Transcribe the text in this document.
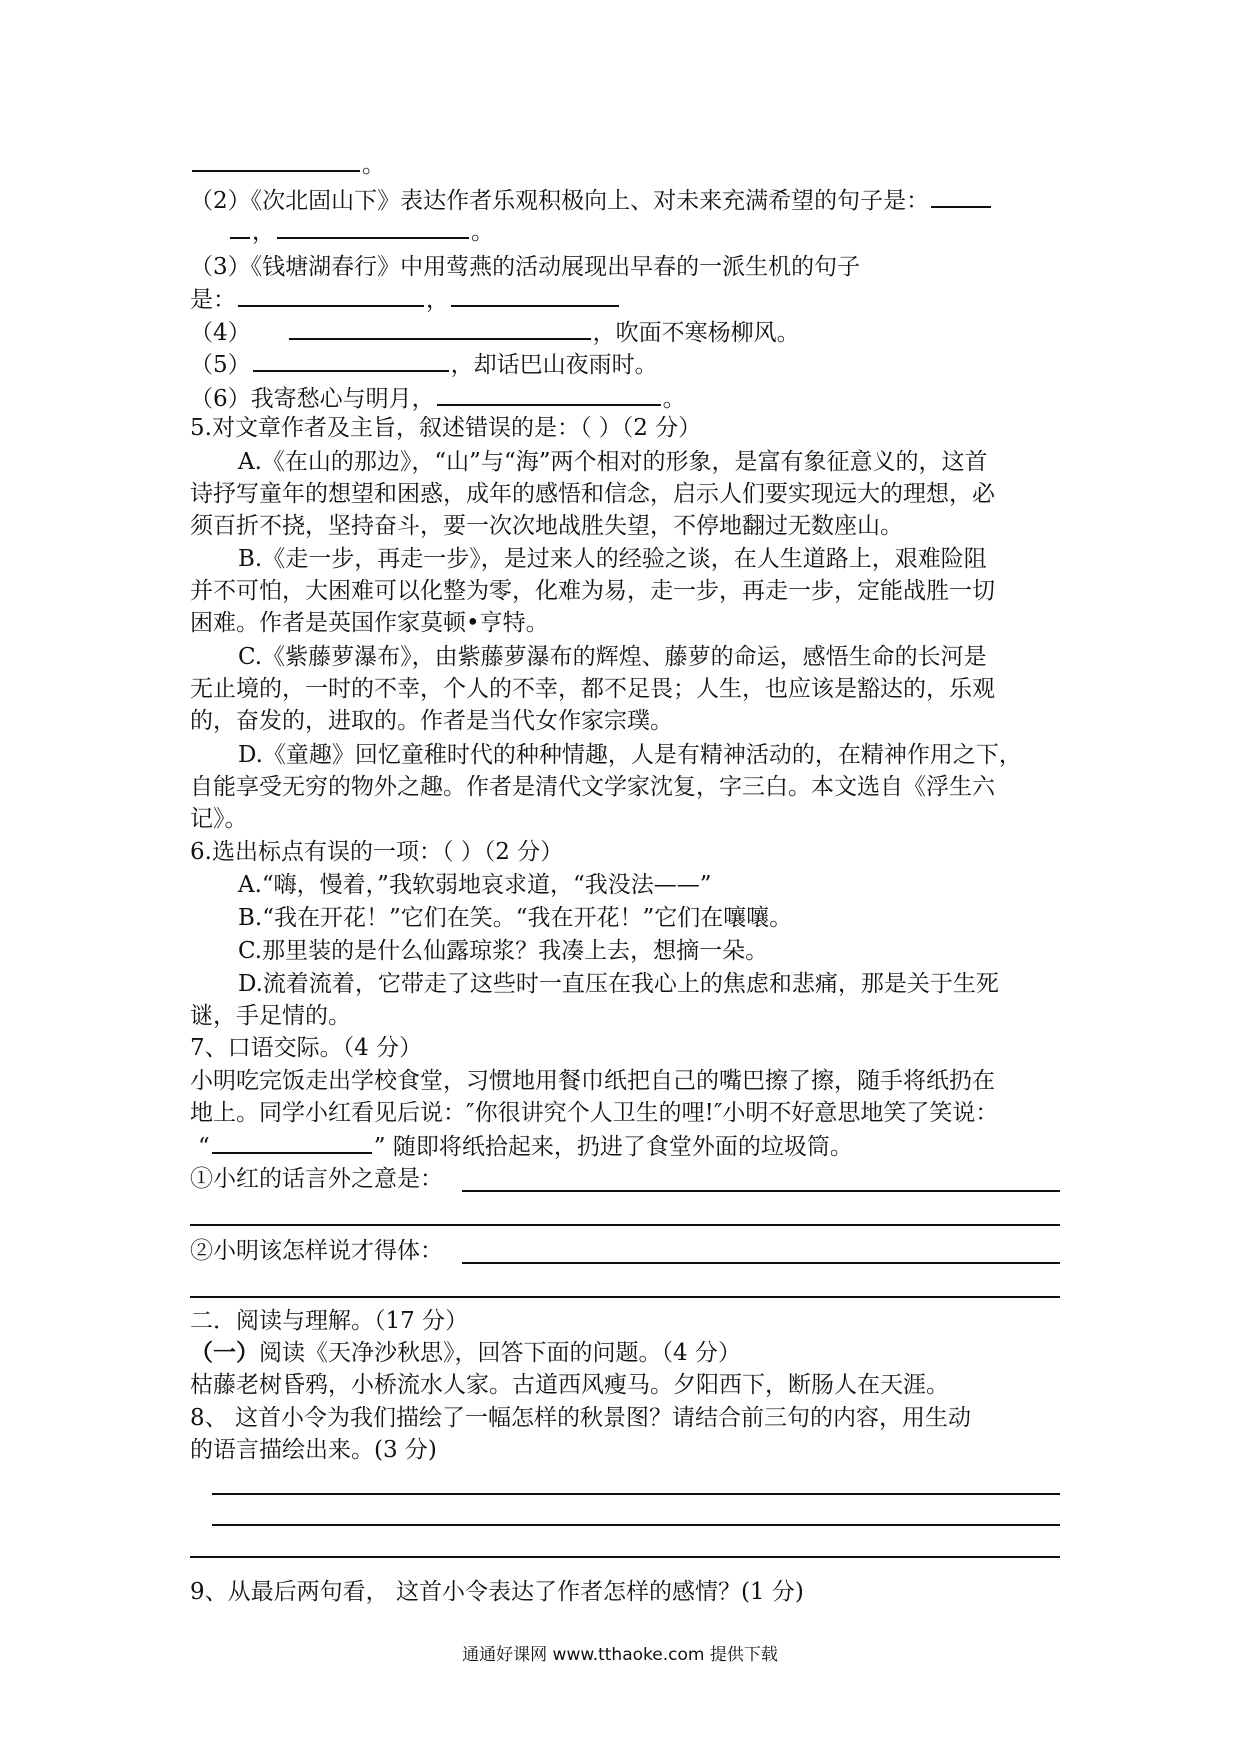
。
（2）《次北固山下》表达作者乐观积极向上、对未来充满希望的句子是：
，	。
（3）《钱塘湖春行》中用莺燕的活动展现出早春的一派生机的句子
是：	，
（4）	，吹面不寒杨柳风。
（5）	，却话巴山夜雨时。
（6）我寄愁心与明月，	。
5.对文章作者及主旨，叙述错误的是：（ ）（2 分）
A.《在山的那边》，“山”与“海”两个相对的形象，是富有象征意义的，这首
诗抒写童年的想望和困惑，成年的感悟和信念，启示人们要实现远大的理想，必
须百折不挠，坚持奋斗，要一次次地战胜失望，不停地翻过无数座山。
B.《走一步，再走一步》，是过来人的经验之谈，在人生道路上，艰难险阻
并不可怕，大困难可以化整为零，化难为易，走一步，再走一步，定能战胜一切
困难。作者是英国作家莫顿•亨特。
C.《紫藤萝瀑布》，由紫藤萝瀑布的辉煌、藤萝的命运，感悟生命的长河是
无止境的，一时的不幸，个人的不幸，都不足畏；人生，也应该是豁达的，乐观
的，奋发的，进取的。作者是当代女作家宗璞。
D.《童趣》回忆童稚时代的种种情趣，人是有精神活动的，在精神作用之下，
自能享受无穷的物外之趣。作者是清代文学家沈复，字三白。本文选自《浮生六
记》。
6.选出标点有误的一项：（ ）（2 分）
A.“嗨，慢着，”我软弱地哀求道，“我没法——”
B.“我在开花！”它们在笑。“我在开花！”它们在嚷嚷。
C.那里装的是什么仙露琼浆？我凑上去，想摘一朵。
D.流着流着，它带走了这些时一直压在我心上的焦虑和悲痛，那是关于生死
谜，手足情的。
7、口语交际。（4 分）
小明吃完饭走出学校食堂，习惯地用餐巾纸把自己的嘴巴擦了擦，随手将纸扔在
地上。同学小红看见后说：″你很讲究个人卫生的哩!″小明不好意思地笑了笑说：
“	” 随即将纸拾起来，扔进了食堂外面的垃圾筒。
①小红的话言外之意是：
②小明该怎样说才得体：
二．阅读与理解。（17 分）
（一）阅读《天净沙秋思》，回答下面的问题。（4 分）
枯藤老树昏鸦，小桥流水人家。古道西风瘦马。夕阳西下，断肠人在天涯。
8、 这首小令为我们描绘了一幅怎样的秋景图？请结合前三句的内容，用生动
的语言描绘出来。(3 分)
9、从最后两句看， 这首小令表达了作者怎样的感情？(1 分)
通通好课网 www.tthaoke.com 提供下载
